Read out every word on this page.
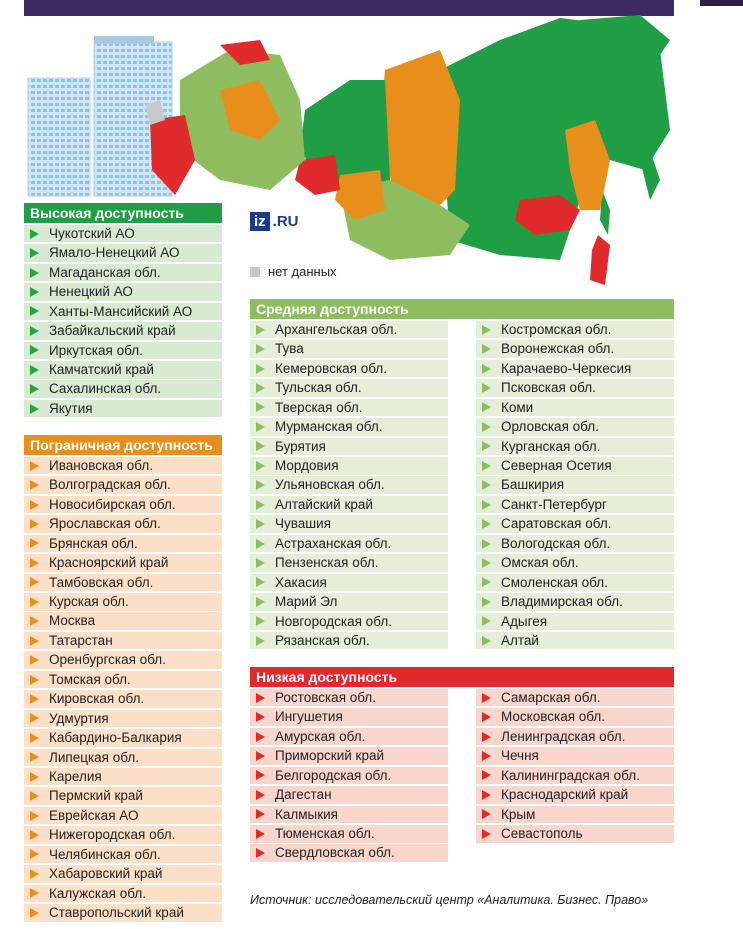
iz .RU
нет данных
Высокая доступность
Чукотский АО
Ямало-Ненецкий АО
Магаданская обл.
Ненецкий АО
Ханты-Мансийский АО
Забайкальский край
Иркутская обл.
Камчатский край
Сахалинская обл.
Якутия
Пограничная доступность
Ивановская обл.
Волгоградская обл.
Новосибирская обл.
Ярославская обл.
Брянская обл.
Красноярский край
Тамбовская обл.
Курская обл.
Москва
Татарстан
Оренбургская обл.
Томская обл.
Кировская обл.
Удмуртия
Кабардино-Балкария
Липецкая обл.
Карелия
Пермский край
Еврейская АО
Нижегородская обл.
Челябинская обл.
Хабаровский край
Калужская обл.
Ставропольский край
Средняя доступность
Архангельская обл.
Тува
Кемеровская обл.
Тульская обл.
Тверская обл.
Мурманская обл.
Бурятия
Мордовия
Ульяновская обл.
Алтайский край
Чувашия
Астраханская обл.
Пензенская обл.
Хакасия
Марий Эл
Новгородская обл.
Рязанская обл.
Костромская обл.
Воронежская обл.
Карачаево-Черкесия
Псковская обл.
Коми
Орловская обл.
Курганская обл.
Северная Осетия
Башкирия
Санкт-Петербург
Саратовская обл.
Вологодская обл.
Омская обл.
Смоленская обл.
Владимирская обл.
Адыгея
Алтай
Низкая доступность
Ростовская обл.
Ингушетия
Амурская обл.
Приморский край
Белгородская обл.
Дагестан
Калмыкия
Тюменская обл.
Свердловская обл.
Самарская обл.
Московская обл.
Ленинградская обл.
Чечня
Калининградская обл.
Краснодарский край
Крым
Севастополь
Источник: исследовательский центр «Аналитика. Бизнес. Право»
